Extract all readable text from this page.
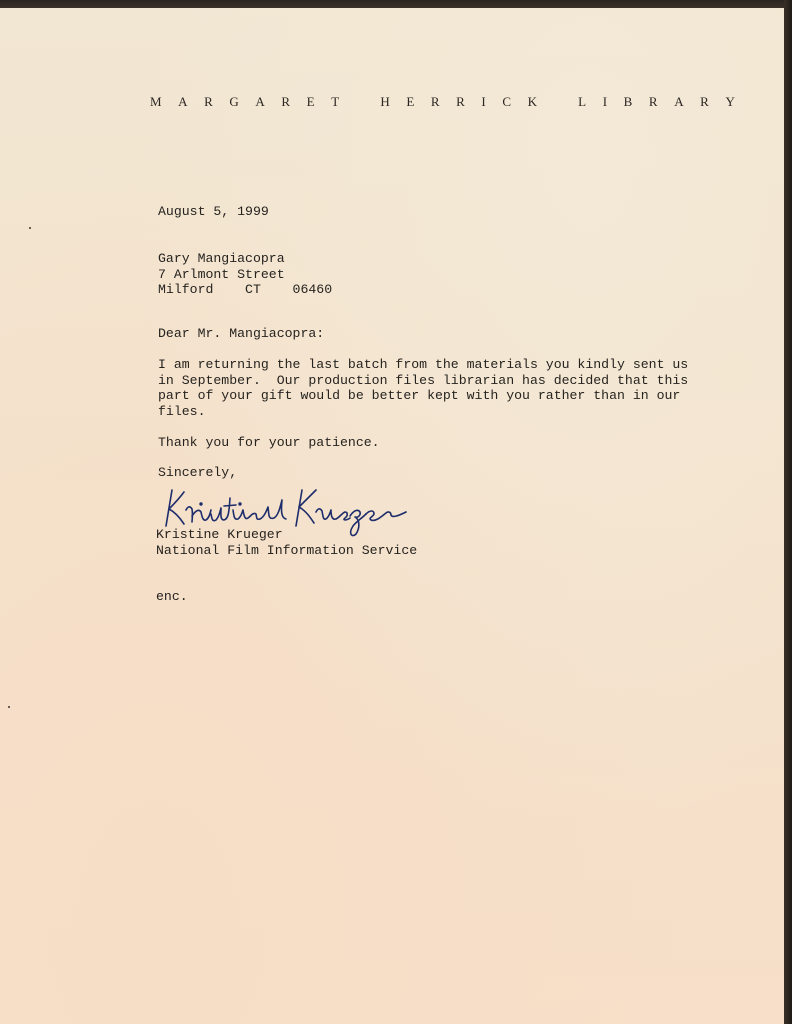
M A R G A R E T	H E R R I C K	L I B R A R Y

August 5, 1999

Gary Mangiacopra
7 Arlmont Street
Milford    CT    06460

Dear Mr. Mangiacopra:

I am returning the last batch from the materials you kindly sent us
in September.  Our production files librarian has decided that this
part of your gift would be better kept with you rather than in our
files.

Thank you for your patience.

Sincerely,

Kristine Krueger
National Film Information Service

enc.
